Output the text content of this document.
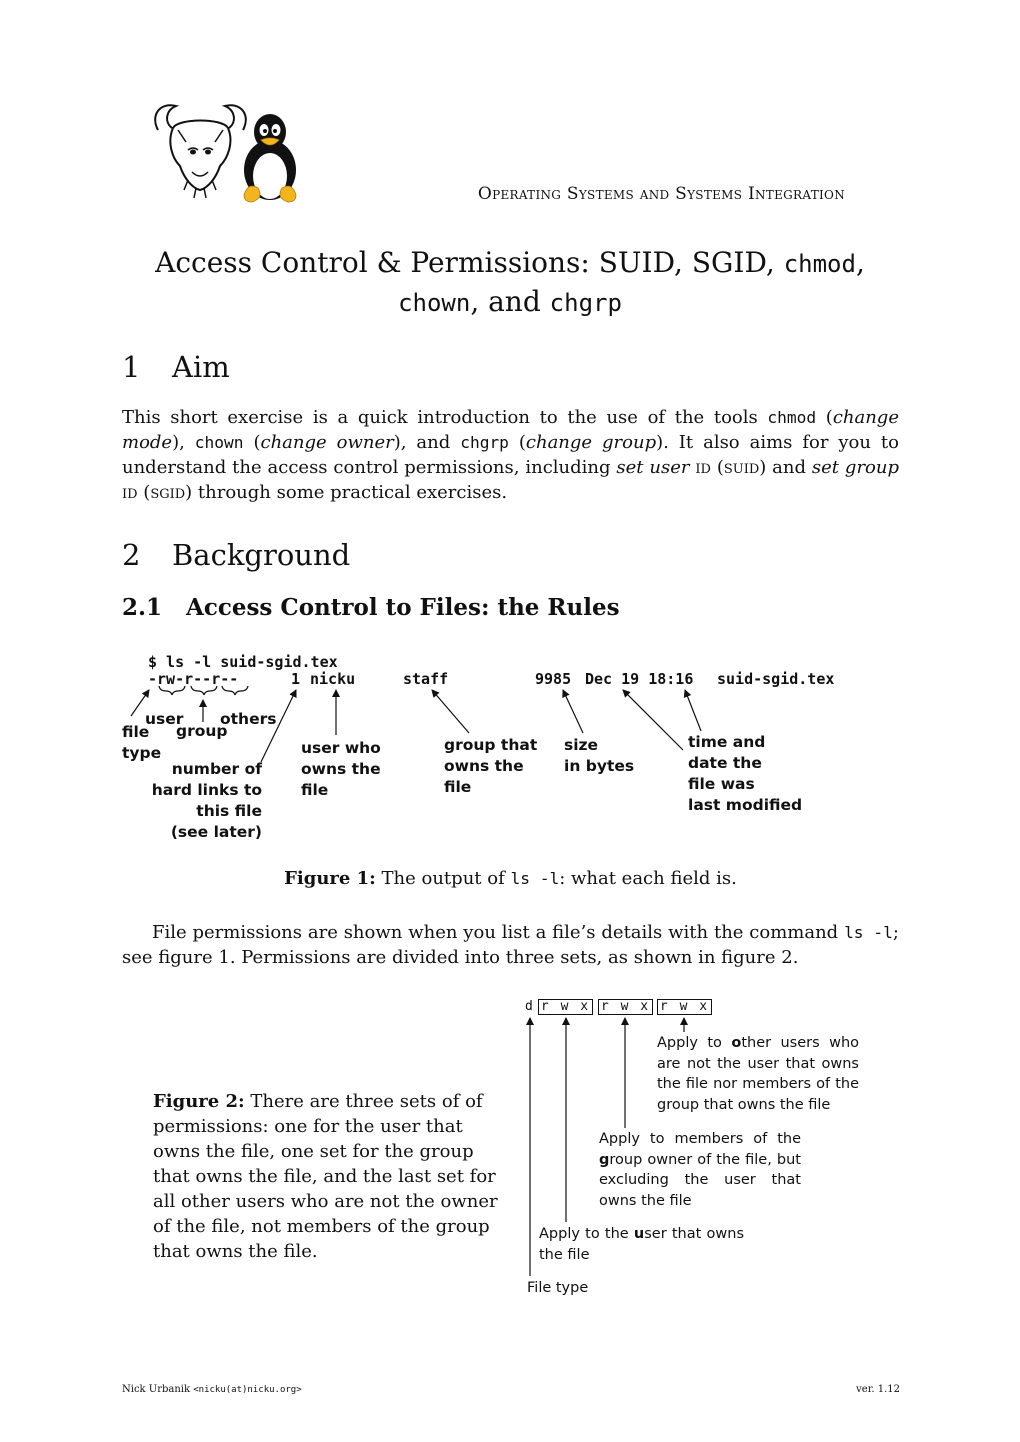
Operating Systems and Systems Integration
Access Control & Permissions: SUID, SGID, chmod,
chown, and chgrp
1 Aim

This short exercise is a quick introduction to the use of the tools chmod (change mode), chown (change owner), and chgrp (change group). It also aims for you to understand the access control permissions, including set user id (suid) and set group id (sgid) through some practical exercises.

2 Background
2.1 Access Control to Files: the Rules
$ ls -l suid-sgid.tex
-rw-r--r--	1 nicku	staff	9985 Dec 19 18:16 suid-sgid.tex
user others
group
file
type
number of
hard links to
this file
(see later)
user who
owns the
file
group that
owns the
file
size
in bytes
time and
date the
file was
last modified
Figure 1: The output of ls -l: what each field is.

File permissions are shown when you list a file’s details with the command ls -l; see figure 1. Permissions are divided into three sets, as shown in figure 2.

d r w x r w x r w x
Apply to other users who are not the user that owns the file nor members of the group that owns the file
Apply to members of the group owner of the file, but excluding the user that owns the file
Apply to the user that owns the file
File type
Figure 2: There are three sets of of permissions: one for the user that owns the file, one set for the group that owns the file, and the last set for all other users who are not the owner of the file, not members of the group that owns the file.
Nick Urbanik <nicku(at)nicku.org>	ver. 1.12
